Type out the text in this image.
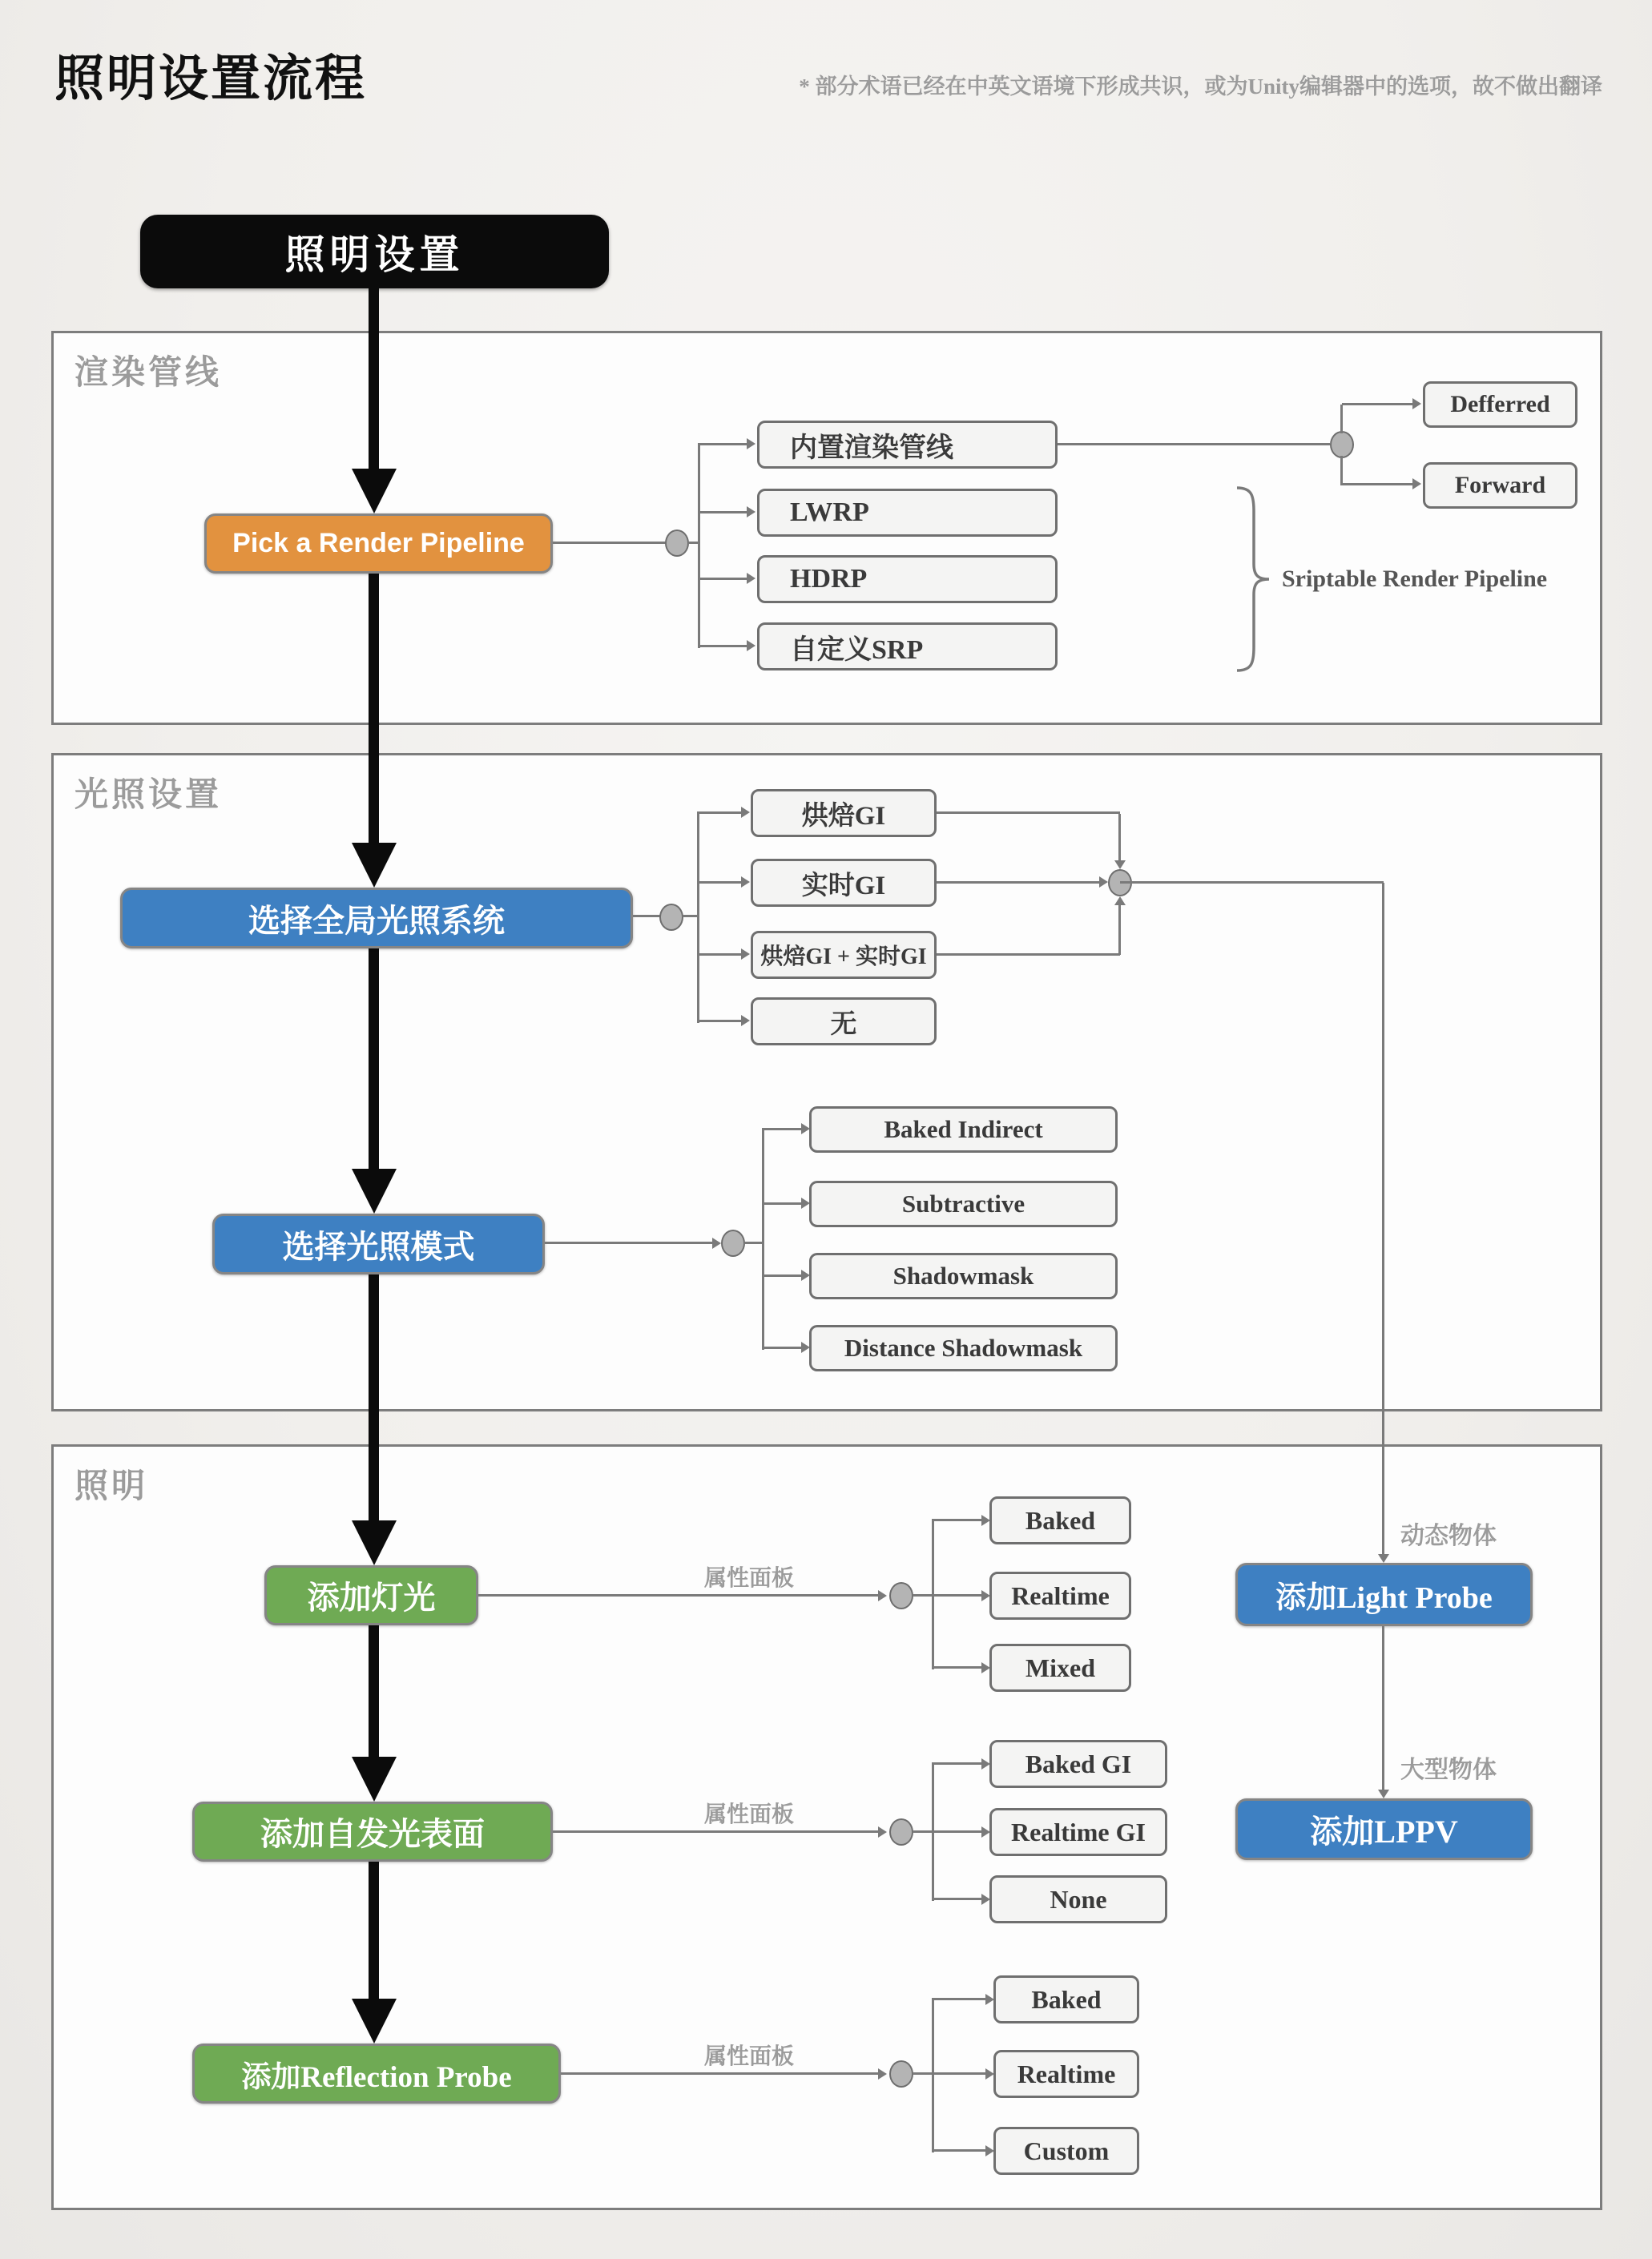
照明设置流程	* 部分术语已经在中英文语境下形成共识，或为Unity编辑器中的选项，故不做出翻译
照明设置
渲染管线
光照设置
照明
Pick a Render Pipeline
内置渲染管线
LWRP
HDRP
自定义SRP
Defferred
Forward
Sriptable Render Pipeline
选择全局光照系统
烘焙GI
实时GI
烘焙GI + 实时GI
无
选择光照模式
Baked Indirect
Subtractive
Shadowmask
Distance Shadowmask
添加灯光
属性面板
Baked
Realtime
Mixed
添加自发光表面
属性面板
Baked GI
Realtime GI
None
添加Reflection Probe
属性面板
Baked
Realtime
Custom
动态物体
添加Light Probe
大型物体
添加LPPV
